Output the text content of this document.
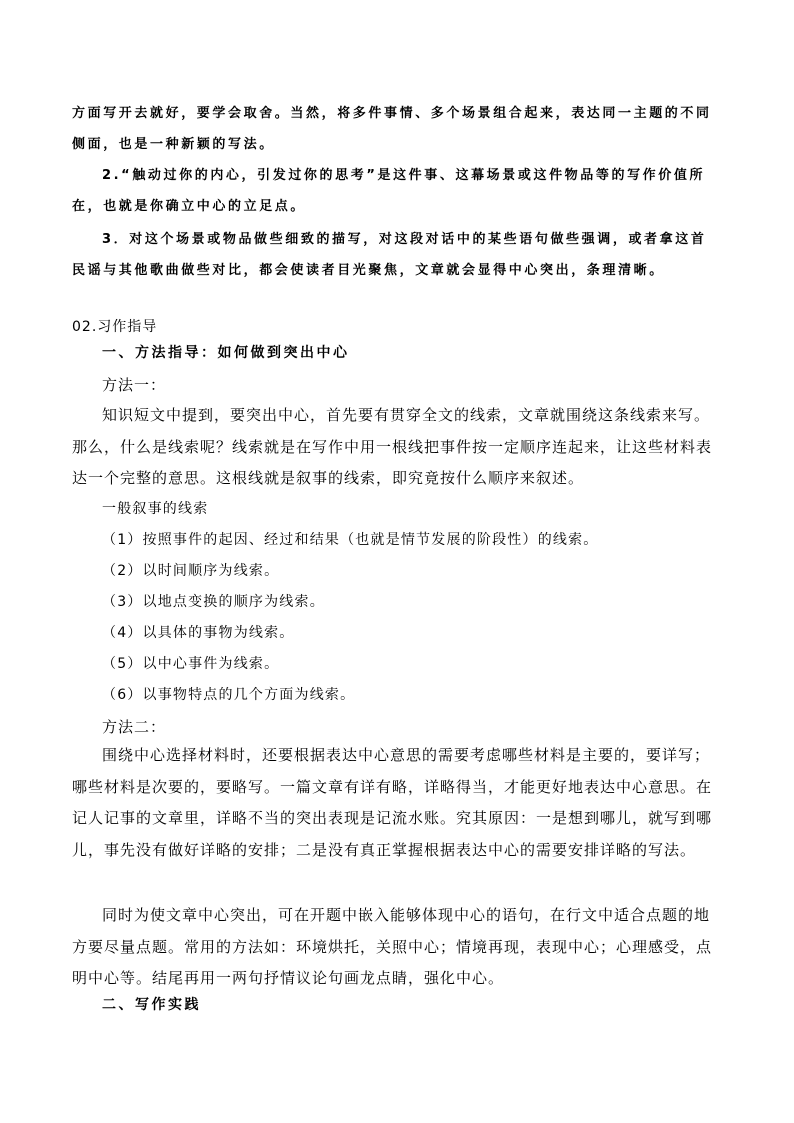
方面写开去就好，要学会取舍。当然，将多件事情、多个场景组合起来，表达同一主题的不同侧面，也是一种新颖的写法。

2.“触动过你的内心，引发过你的思考”是这件事、这幕场景或这件物品等的写作价值所在，也就是你确立中心的立足点。

3．对这个场景或物品做些细致的描写，对这段对话中的某些语句做些强调，或者拿这首民谣与其他歌曲做些对比，都会使读者目光聚焦，文章就会显得中心突出，条理清晰。

02.习作指导
一、方法指导：如何做到突出中心
方法一：
知识短文中提到，要突出中心，首先要有贯穿全文的线索，文章就围绕这条线索来写。那么，什么是线索呢？线索就是在写作中用一根线把事件按一定顺序连起来，让这些材料表达一个完整的意思。这根线就是叙事的线索，即究竟按什么顺序来叙述。

一般叙事的线索

（1）按照事件的起因、经过和结果（也就是情节发展的阶段性）的线索。

（2）以时间顺序为线索。

（3）以地点变换的顺序为线索。

（4）以具体的事物为线索。

（5）以中心事件为线索。

（6）以事物特点的几个方面为线索。

方法二：
围绕中心选择材料时，还要根据表达中心意思的需要考虑哪些材料是主要的，要详写；哪些材料是次要的，要略写。一篇文章有详有略，详略得当，才能更好地表达中心意思。在记人记事的文章里，详略不当的突出表现是记流水账。究其原因：一是想到哪儿，就写到哪儿，事先没有做好详略的安排；二是没有真正掌握根据表达中心的需要安排详略的写法。
同时为使文章中心突出，可在开题中嵌入能够体现中心的语句，在行文中适合点题的地方要尽量点题。常用的方法如：环境烘托，关照中心；情境再现，表现中心；心理感受，点明中心等。结尾再用一两句抒情议论句画龙点睛，强化中心。
二、写作实践
